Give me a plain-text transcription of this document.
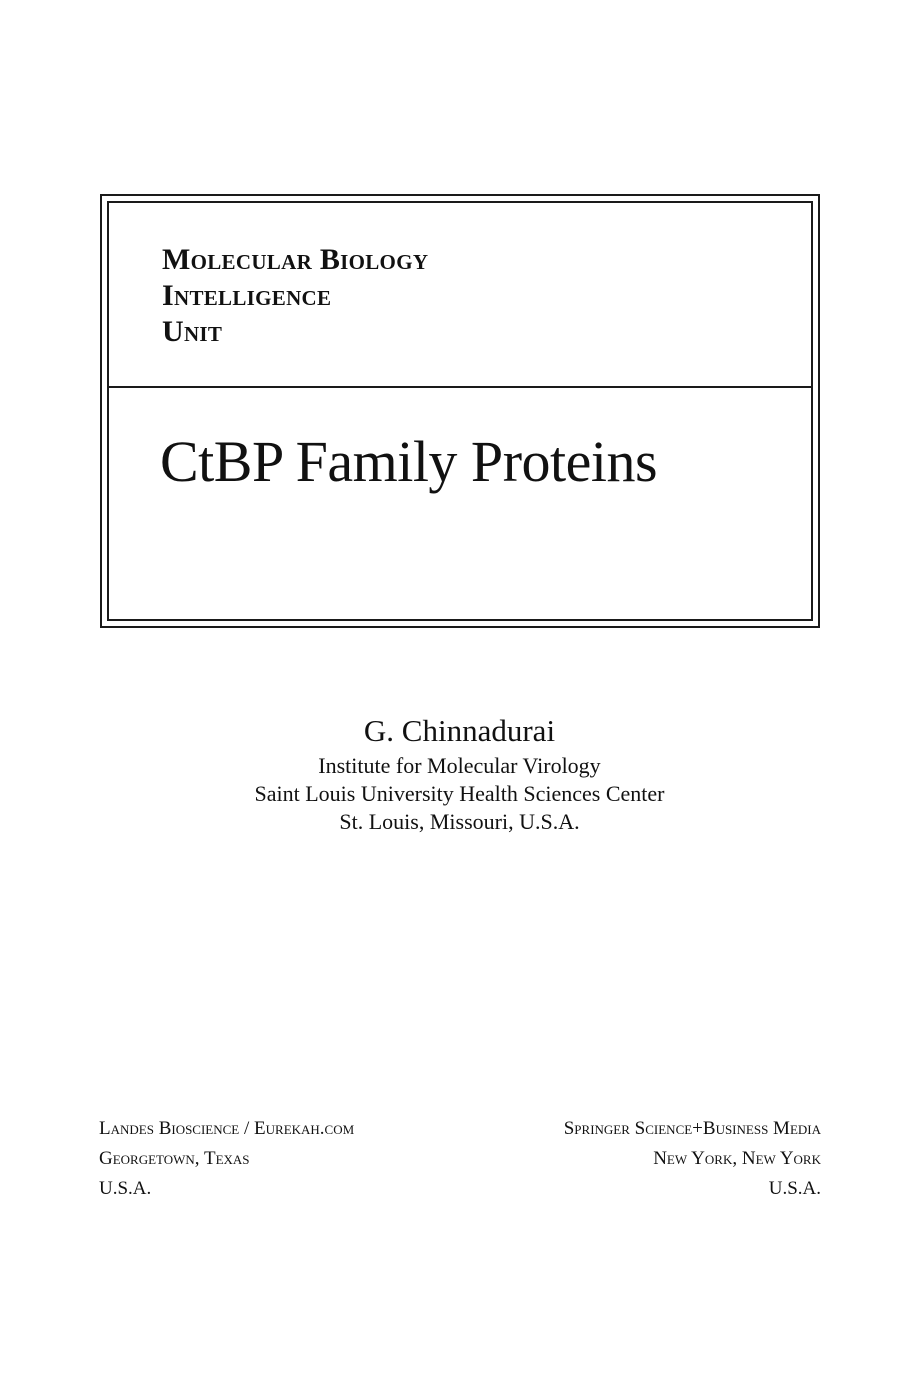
Molecular Biology
Intelligence
Unit
CtBP Family Proteins
G. Chinnadurai
Institute for Molecular Virology
Saint Louis University Health Sciences Center
St. Louis, Missouri, U.S.A.
Landes Bioscience / Eurekah.com
Georgetown, Texas
U.S.A.
Springer Science+Business Media
New York, New York
U.S.A.
